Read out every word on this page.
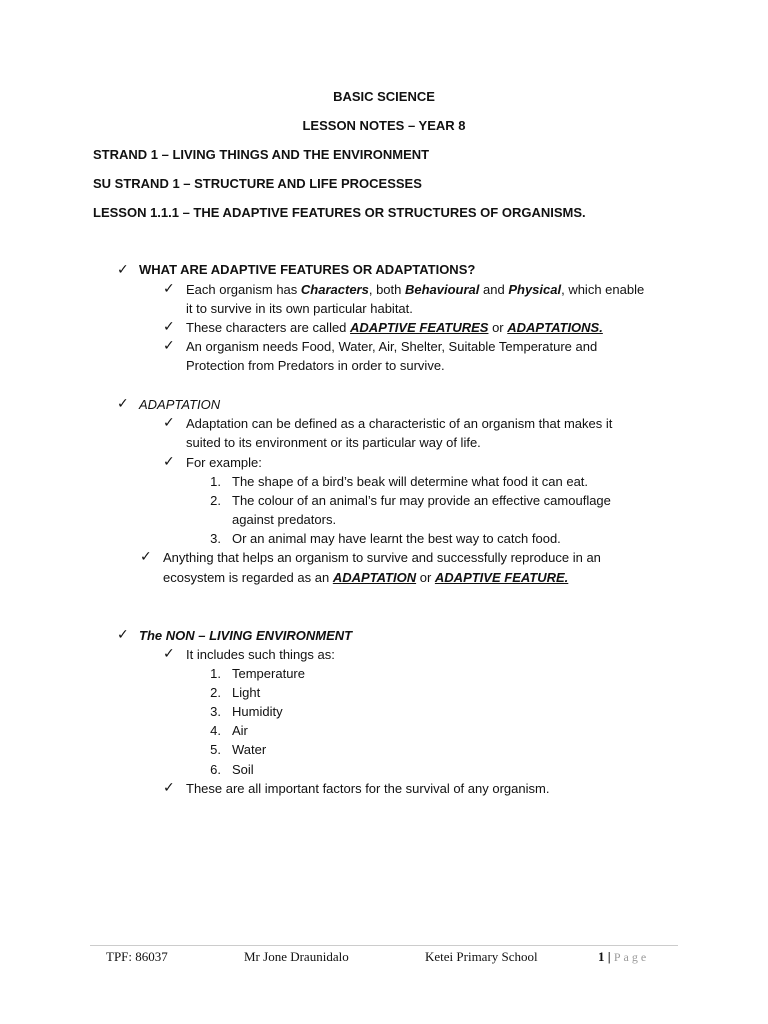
BASIC SCIENCE
LESSON NOTES – YEAR 8
STRAND 1 – LIVING THINGS AND THE ENVIRONMENT
SU STRAND 1 – STRUCTURE AND LIFE PROCESSES
LESSON 1.1.1 – THE ADAPTIVE FEATURES OR STRUCTURES OF ORGANISMS.
✓ WHAT ARE ADAPTIVE FEATURES OR ADAPTATIONS?
✓ Each organism has Characters, both Behavioural and Physical, which enable
it to survive in its own particular habitat.
✓ These characters are called ADAPTIVE FEATURES or ADAPTATIONS.
✓ An organism needs Food, Water, Air, Shelter, Suitable Temperature and
Protection from Predators in order to survive.
✓ ADAPTATION
✓ Adaptation can be defined as a characteristic of an organism that makes it
suited to its environment or its particular way of life.
✓ For example:
1. The shape of a bird’s beak will determine what food it can eat.
2. The colour of an animal’s fur may provide an effective camouflage
against predators.
3. Or an animal may have learnt the best way to catch food.
✓ Anything that helps an organism to survive and successfully reproduce in an
ecosystem is regarded as an ADAPTATION or ADAPTIVE FEATURE.
✓ The NON – LIVING ENVIRONMENT
✓ It includes such things as:
1. Temperature
2. Light
3. Humidity
4. Air
5. Water
6. Soil
✓ These are all important factors for the survival of any organism.
TPF: 86037	Mr Jone Draunidalo	Ketei Primary School	1 | Page
